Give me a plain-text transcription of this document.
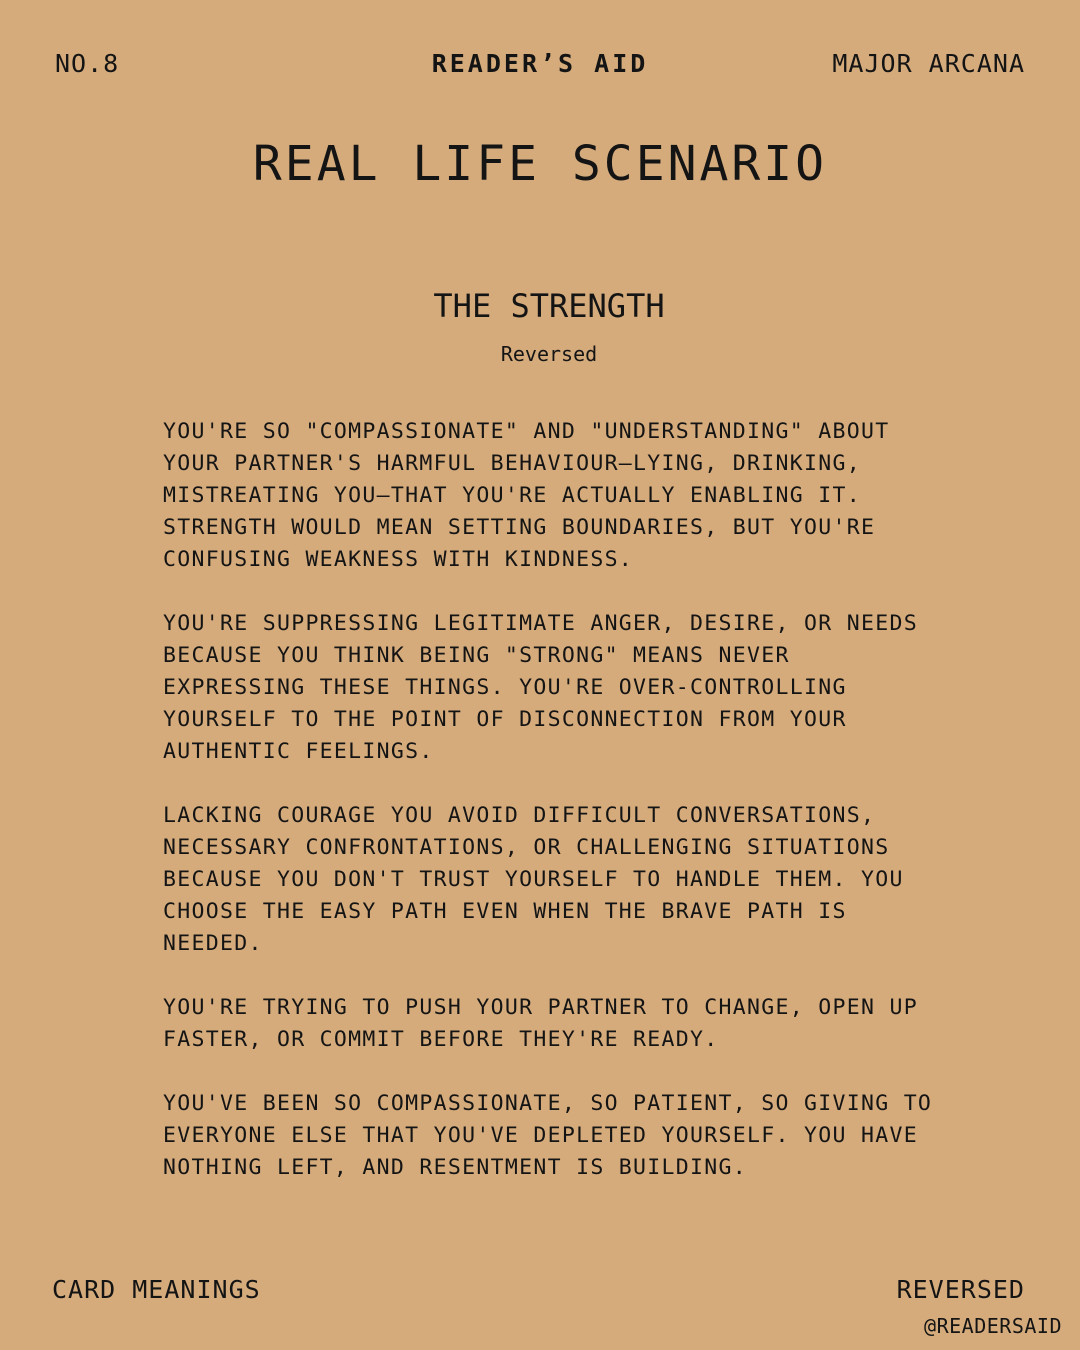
NO.8	READER’S AID	MAJOR ARCANA
REAL LIFE SCENARIO
THE STRENGTH
Reversed

YOU'RE SO "COMPASSIONATE" AND "UNDERSTANDING" ABOUT YOUR PARTNER'S HARMFUL BEHAVIOUR—LYING, DRINKING, MISTREATING YOU—THAT YOU'RE ACTUALLY ENABLING IT. STRENGTH WOULD MEAN SETTING BOUNDARIES, BUT YOU'RE CONFUSING WEAKNESS WITH KINDNESS.

YOU'RE SUPPRESSING LEGITIMATE ANGER, DESIRE, OR NEEDS BECAUSE YOU THINK BEING "STRONG" MEANS NEVER EXPRESSING THESE THINGS. YOU'RE OVER-CONTROLLING YOURSELF TO THE POINT OF DISCONNECTION FROM YOUR AUTHENTIC FEELINGS.

LACKING COURAGE YOU AVOID DIFFICULT CONVERSATIONS, NECESSARY CONFRONTATIONS, OR CHALLENGING SITUATIONS BECAUSE YOU DON'T TRUST YOURSELF TO HANDLE THEM. YOU CHOOSE THE EASY PATH EVEN WHEN THE BRAVE PATH IS NEEDED.

YOU'RE TRYING TO PUSH YOUR PARTNER TO CHANGE, OPEN UP FASTER, OR COMMIT BEFORE THEY'RE READY.

YOU'VE BEEN SO COMPASSIONATE, SO PATIENT, SO GIVING TO EVERYONE ELSE THAT YOU'VE DEPLETED YOURSELF. YOU HAVE NOTHING LEFT, AND RESENTMENT IS BUILDING.

CARD MEANINGS	REVERSED
@READERSAID
